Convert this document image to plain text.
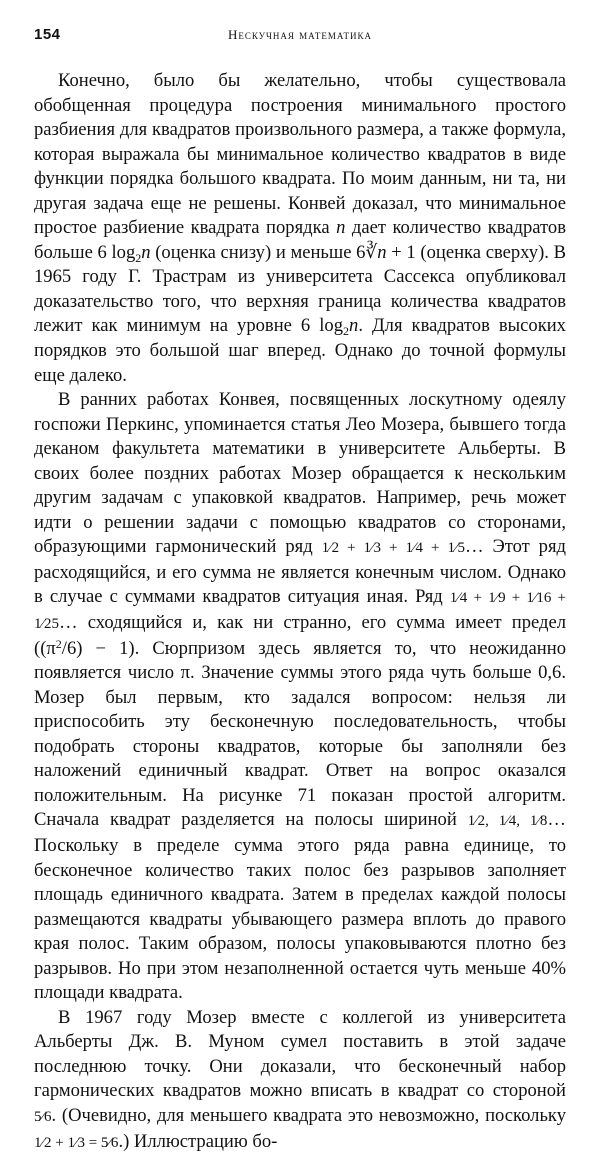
154	Нескучная математика

Конечно, было бы желательно, чтобы существовала обобщенная процедура построения минимального простого разбиения для квадратов произвольного размера, а также формула, которая выражала бы минимальное количество квадратов в виде функции порядка большого квадрата. По моим данным, ни та, ни другая задача еще не решены. Конвей доказал, что минимальное простое разбиение квадрата порядка n дает количество квадратов больше 6 $\log_2n$ (оценка снизу) и меньше 6∛n + 1 (оценка сверху). В 1965 году Г. Трастрам из университета Сассекса опубликовал доказательство того, что верхняя граница количества квадратов лежит как минимум на уровне 6 $\log_2n$. Для квадратов высоких порядков это большой шаг вперед. Однако до точной формулы еще далеко.

В ранних работах Конвея, посвященных лоскутному одеялу госпожи Перкинс, упоминается статья Лео Мозера, бывшего тогда деканом факультета математики в университете Альберты. В своих более поздних работах Мозер обращается к нескольким другим задачам с упаковкой квадратов. Например, речь может идти о решении задачи с помощью квадратов со сторонами, образующими гармонический ряд 1⁄2 + 1⁄3 + 1⁄4 + 1⁄5… Этот ряд расходящийся, и его сумма не является конечным числом. Однако в случае с суммами квадратов ситуация иная. Ряд 1⁄4 + 1⁄9 + 1⁄16 + 1⁄25… сходящийся и, как ни странно, его сумма имеет предел $((\pi^2/6) - 1)$. Сюрпризом здесь является то, что неожиданно появляется число π. Значение суммы этого ряда чуть больше 0,6. Мозер был первым, кто задался вопросом: нельзя ли приспособить эту бесконечную последовательность, чтобы подобрать стороны квадратов, которые бы заполняли без наложений единичный квадрат. Ответ на вопрос оказался положительным. На рисунке 71 показан простой алгоритм. Сначала квадрат разделяется на полосы шириной 1⁄2, 1⁄4, 1⁄8… Поскольку в пределе сумма этого ряда равна единице, то бесконечное количество таких полос без разрывов заполняет площадь единичного квадрата. Затем в пределах каждой полосы размещаются квадраты убывающего размера вплоть до правого края полос. Таким образом, полосы упаковываются плотно без разрывов. Но при этом незаполненной остается чуть меньше 40% площади квадрата.

В 1967 году Мозер вместе с коллегой из университета Альберты Дж. В. Муном сумел поставить в этой задаче последнюю точку. Они доказали, что бесконечный набор гармонических квадратов можно вписать в квадрат со стороной 5⁄6. (Очевидно, для меньшего квадрата это невозможно, поскольку 1⁄2 + 1⁄3 = 5⁄6.) Иллюстрацию бо-
